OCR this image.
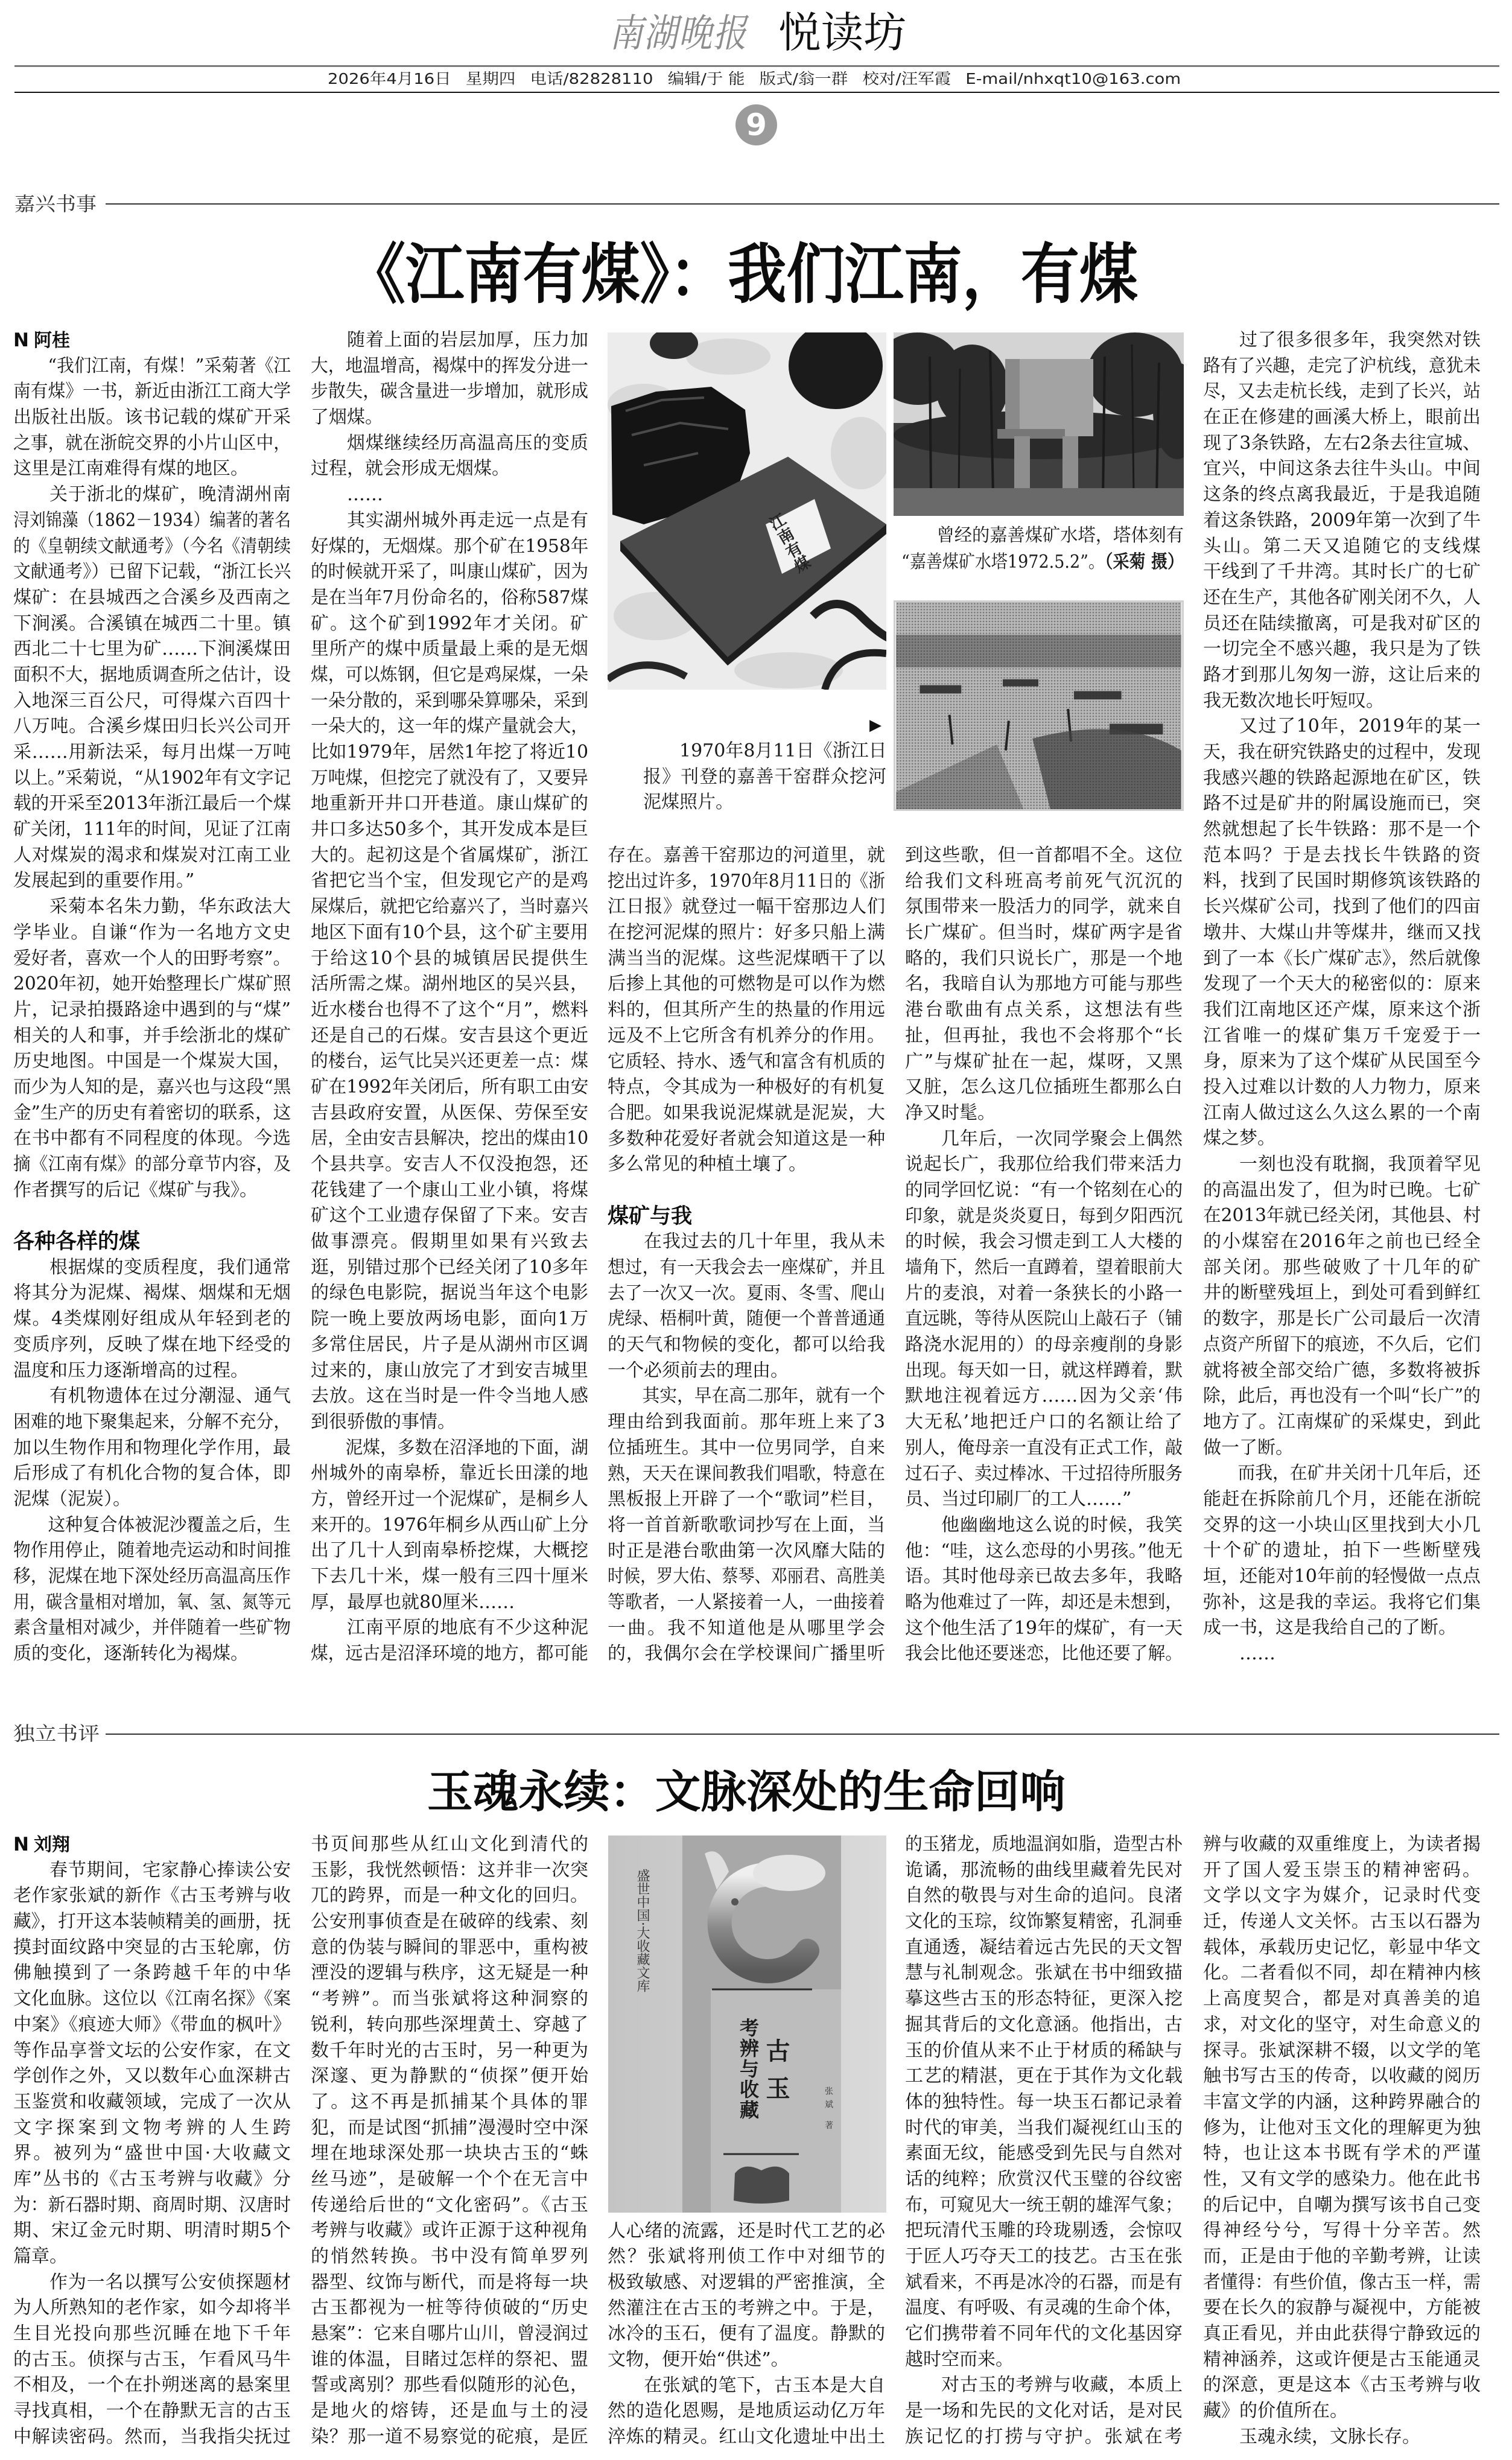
南湖晚报 悦读坊
2026年4月16日 星期四 电话/82828110 编辑/于 能 版式/翁一群 校对/汪军霞 E-mail/nhxqt10@163.com
9
嘉兴书事
《江南有煤》：我们江南，有煤
N 阿桂
“我们江南，有煤！”采菊著《江
南有煤》一书，新近由浙江工商大学
出版社出版。该书记载的煤矿开采
之事，就在浙皖交界的小片山区中，
这里是江南难得有煤的地区。
关于浙北的煤矿，晚清湖州南
浔刘锦藻（1862－1934）编著的著名
的《皇朝续文献通考》（今名《清朝续
文献通考》）已留下记载，“浙江长兴
煤矿：在县城西之合溪乡及西南之
下涧溪。合溪镇在城西二十里。镇
西北二十七里为矿……下涧溪煤田
面积不大，据地质调查所之估计，设
入地深三百公尺，可得煤六百四十
八万吨。合溪乡煤田归长兴公司开
采……用新法采，每月出煤一万吨
以上。”采菊说，“从1902年有文字记
载的开采至2013年浙江最后一个煤
矿关闭，111年的时间，见证了江南
人对煤炭的渴求和煤炭对江南工业
发展起到的重要作用。”
采菊本名朱力勤，华东政法大
学毕业。自谦“作为一名地方文史
爱好者，喜欢一个人的田野考察”。
2020年初，她开始整理长广煤矿照
片，记录拍摄路途中遇到的与“煤”
相关的人和事，并手绘浙北的煤矿
历史地图。中国是一个煤炭大国，
而少为人知的是，嘉兴也与这段“黑
金”生产的历史有着密切的联系，这
在书中都有不同程度的体现。今选
摘《江南有煤》的部分章节内容，及
作者撰写的后记《煤矿与我》。
各种各样的煤
根据煤的变质程度，我们通常
将其分为泥煤、褐煤、烟煤和无烟
煤。4类煤刚好组成从年轻到老的
变质序列，反映了煤在地下经受的
温度和压力逐渐增高的过程。
有机物遗体在过分潮湿、通气
困难的地下聚集起来，分解不充分，
加以生物作用和物理化学作用，最
后形成了有机化合物的复合体，即
泥煤（泥炭）。
这种复合体被泥沙覆盖之后，生
物作用停止，随着地壳运动和时间推
移，泥煤在地下深处经历高温高压作
用，碳含量相对增加，氧、氢、氮等元
素含量相对减少，并伴随着一些矿物
质的变化，逐渐转化为褐煤。
随着上面的岩层加厚，压力加
大，地温增高，褐煤中的挥发分进一
步散失，碳含量进一步增加，就形成
了烟煤。
烟煤继续经历高温高压的变质
过程，就会形成无烟煤。
……
其实湖州城外再走远一点是有
好煤的，无烟煤。那个矿在1958年
的时候就开采了，叫康山煤矿，因为
是在当年7月份命名的，俗称587煤
矿。这个矿到1992年才关闭。矿
里所产的煤中质量最上乘的是无烟
煤，可以炼钢，但它是鸡屎煤，一朵
一朵分散的，采到哪朵算哪朵，采到
一朵大的，这一年的煤产量就会大，
比如1979年，居然1年挖了将近10
万吨煤，但挖完了就没有了，又要异
地重新开井口开巷道。康山煤矿的
井口多达50多个，其开发成本是巨
大的。起初这是个省属煤矿，浙江
省把它当个宝，但发现它产的是鸡
屎煤后，就把它给嘉兴了，当时嘉兴
地区下面有10个县，这个矿主要用
于给这10个县的城镇居民提供生
活所需之煤。湖州地区的吴兴县，
近水楼台也得不了这个“月”，燃料
还是自己的石煤。安吉县这个更近
的楼台，运气比吴兴还更差一点：煤
矿在1992年关闭后，所有职工由安
吉县政府安置，从医保、劳保至安
居，全由安吉县解决，挖出的煤由10
个县共享。安吉人不仅没抱怨，还
花钱建了一个康山工业小镇，将煤
矿这个工业遗存保留了下来。安吉
做事漂亮。假期里如果有兴致去
逛，别错过那个已经关闭了10多年
的绿色电影院，据说当年这个电影
院一晚上要放两场电影，面向1万
多常住居民，片子是从湖州市区调
过来的，康山放完了才到安吉城里
去放。这在当时是一件令当地人感
到很骄傲的事情。
泥煤，多数在沼泽地的下面，湖
州城外的南皋桥，靠近长田漾的地
方，曾经开过一个泥煤矿，是桐乡人
来开的。1976年桐乡从西山矿上分
出了几十人到南皋桥挖煤，大概挖
下去几十米，煤一般有三四十厘米
厚，最厚也就80厘米……
江南平原的地底有不少这种泥
煤，远古是沼泽环境的地方，都可能
存在。嘉善干窑那边的河道里，就
挖出过许多，1970年8月11日的《浙
江日报》就登过一幅干窑那边人们
在挖河泥煤的照片：好多只船上满
满当当的泥煤。这些泥煤晒干了以
后掺上其他的可燃物是可以作为燃
料的，但其所产生的热量的作用远
远及不上它所含有机养分的作用。
它质轻、持水、透气和富含有机质的
特点，令其成为一种极好的有机复
合肥。如果我说泥煤就是泥炭，大
多数种花爱好者就会知道这是一种
多么常见的种植土壤了。
煤矿与我
在我过去的几十年里，我从未
想过，有一天我会去一座煤矿，并且
去了一次又一次。夏雨、冬雪、爬山
虎绿、梧桐叶黄，随便一个普普通通
的天气和物候的变化，都可以给我
一个必须前去的理由。
其实，早在高二那年，就有一个
理由给到我面前。那年班上来了3
位插班生。其中一位男同学，自来
熟，天天在课间教我们唱歌，特意在
黑板报上开辟了一个“歌词”栏目，
将一首首新歌歌词抄写在上面，当
时正是港台歌曲第一次风靡大陆的
时候，罗大佑、蔡琴、邓丽君、高胜美
等歌者，一人紧接着一人，一曲接着
一曲。我不知道他是从哪里学会
的，我偶尔会在学校课间广播里听
到这些歌，但一首都唱不全。这位
给我们文科班高考前死气沉沉的
氛围带来一股活力的同学，就来自
长广煤矿。但当时，煤矿两字是省
略的，我们只说长广，那是一个地
名，我暗自认为那地方可能与那些
港台歌曲有点关系，这想法有些
扯，但再扯，我也不会将那个“长
广”与煤矿扯在一起，煤呀，又黑
又脏，怎么这几位插班生都那么白
净又时髦。
几年后，一次同学聚会上偶然
说起长广，我那位给我们带来活力
的同学回忆说：“有一个铭刻在心的
印象，就是炎炎夏日，每到夕阳西沉
的时候，我会习惯走到工人大楼的
墙角下，然后一直蹲着，望着眼前大
片的麦浪，对着一条狭长的小路一
直远眺，等待从医院山上敲石子（铺
路浇水泥用的）的母亲瘦削的身影
出现。每天如一日，就这样蹲着，默
默地注视着远方……因为父亲‘伟
大无私’地把迁户口的名额让给了
别人，俺母亲一直没有正式工作，敲
过石子、卖过棒冰、干过招待所服务
员、当过印刷厂的工人……”
他幽幽地这么说的时候，我笑
他：“哇，这么恋母的小男孩。”他无
语。其时他母亲已故去多年，我略
略为他难过了一阵，却还是未想到，
这个他生活了19年的煤矿，有一天
我会比他还要迷恋，比他还要了解。
过了很多很多年，我突然对铁
路有了兴趣，走完了沪杭线，意犹未
尽，又去走杭长线，走到了长兴，站
在正在修建的画溪大桥上，眼前出
现了3条铁路，左右2条去往宣城、
宜兴，中间这条去往牛头山。中间
这条的终点离我最近，于是我追随
着这条铁路，2009年第一次到了牛
头山。第二天又追随它的支线煤
干线到了千井湾。其时长广的七矿
还在生产，其他各矿刚关闭不久，人
员还在陆续撤离，可是我对矿区的
一切完全不感兴趣，我只是为了铁
路才到那儿匆匆一游，这让后来的
我无数次地长吁短叹。
又过了10年，2019年的某一
天，我在研究铁路史的过程中，发现
我感兴趣的铁路起源地在矿区，铁
路不过是矿井的附属设施而已，突
然就想起了长牛铁路：那不是一个
范本吗？于是去找长牛铁路的资
料，找到了民国时期修筑该铁路的
长兴煤矿公司，找到了他们的四亩
墩井、大煤山井等煤井，继而又找
到了一本《长广煤矿志》，然后就像
发现了一个天大的秘密似的：原来
我们江南地区还产煤，原来这个浙
江省唯一的煤矿集万千宠爱于一
身，原来为了这个煤矿从民国至今
投入过难以计数的人力物力，原来
江南人做过这么久这么累的一个南
煤之梦。
一刻也没有耽搁，我顶着罕见
的高温出发了，但为时已晚。七矿
在2013年就已经关闭，其他县、村
的小煤窑在2016年之前也已经全
部关闭。那些破败了十几年的矿
井的断壁残垣上，到处可看到鲜红
的数字，那是长广公司最后一次清
点资产所留下的痕迹，不久后，它们
就将被全部交给广德，多数将被拆
除，此后，再也没有一个叫“长广”的
地方了。江南煤矿的采煤史，到此
做一了断。
而我，在矿井关闭十几年后，还
能赶在拆除前几个月，还能在浙皖
交界的这一小块山区里找到大小几
十个矿的遗址，拍下一些断壁残
垣，还能对10年前的轻慢做一点点
弥补，这是我的幸运。我将它们集
成一书，这是我给自己的了断。
……
江南有煤	曾经的嘉善煤矿水塔，塔体刻有
“嘉善煤矿水塔1972.5.2”。（采菊 摄）
▶
1970年8月11日《浙江日
报》刊登的嘉善干窑群众挖河
泥煤照片。
独立书评
玉魂永续：文脉深处的生命回响
N 刘翔
春节期间，宅家静心捧读公安
老作家张斌的新作《古玉考辨与收
藏》，打开这本装帧精美的画册，抚
摸封面纹路中突显的古玉轮廓，仿
佛触摸到了一条跨越千年的中华
文化血脉。这位以《江南名探》《案
中案》《痕迹大师》《带血的枫叶》
等作品享誉文坛的公安作家，在文
学创作之外，又以数年心血深耕古
玉鉴赏和收藏领域，完成了一次从
文字探案到文物考辨的人生跨
界。被列为“盛世中国·大收藏文
库”丛书的《古玉考辨与收藏》分
为：新石器时期、商周时期、汉唐时
期、宋辽金元时期、明清时期5个
篇章。
作为一名以撰写公安侦探题材
为人所熟知的老作家，如今却将半
生目光投向那些沉睡在地下千年
的古玉。侦探与古玉，乍看风马牛
不相及，一个在扑朔迷离的悬案里
寻找真相，一个在静默无言的古玉
中解读密码。然而，当我指尖抚过
书页间那些从红山文化到清代的
玉影，我恍然顿悟：这并非一次突
兀的跨界，而是一种文化的回归。
公安刑事侦查是在破碎的线索、刻
意的伪装与瞬间的罪恶中，重构被
湮没的逻辑与秩序，这无疑是一种
“考辨”。而当张斌将这种洞察的
锐利，转向那些深埋黄土、穿越了
数千年时光的古玉时，另一种更为
深邃、更为静默的“侦探”便开始
了。这不再是抓捕某个具体的罪
犯，而是试图“抓捕”漫漫时空中深
埋在地球深处那一块块古玉的“蛛
丝马迹”，是破解一个个在无言中
传递给后世的“文化密码”。《古玉
考辨与收藏》或许正源于这种视角
的悄然转换。书中没有简单罗列
器型、纹饰与断代，而是将每一块
古玉都视为一桩等待侦破的“历史
悬案”：它来自哪片山川，曾浸润过
谁的体温，目睹过怎样的祭祀、盟
誓或离别？那些看似随形的沁色，
是地火的熔铸，还是血与土的浸
染？那一道不易察觉的砣痕，是匠
人心绪的流露，还是时代工艺的必
然？张斌将刑侦工作中对细节的
极致敏感、对逻辑的严密推演，全
然灌注在古玉的考辨之中。于是，
冰冷的玉石，便有了温度。静默的
文物，便开始“供述”。
在张斌的笔下，古玉本是大自
然的造化恩赐，是地质运动亿万年
淬炼的精灵。红山文化遗址中出土
的玉猪龙，质地温润如脂，造型古朴
诡谲，那流畅的曲线里藏着先民对
自然的敬畏与对生命的追问。良渚
文化的玉琮，纹饰繁复精密，孔洞垂
直通透，凝结着远古先民的天文智
慧与礼制观念。张斌在书中细致描
摹这些古玉的形态特征，更深入挖
掘其背后的文化意涵。他指出，古
玉的价值从来不止于材质的稀缺与
工艺的精湛，更在于其作为文化载
体的独特性。每一块玉石都记录着
时代的审美，当我们凝视红山玉的
素面无纹，能感受到先民与自然对
话的纯粹；欣赏汉代玉璧的谷纹密
布，可窥见大一统王朝的雄浑气象；
把玩清代玉雕的玲珑剔透，会惊叹
于匠人巧夺天工的技艺。古玉在张
斌看来，不再是冰冷的石器，而是有
温度、有呼吸、有灵魂的生命个体，
它们携带着不同年代的文化基因穿
越时空而来。
对古玉的考辨与收藏，本质上
是一场和先民的文化对话，是对民
族记忆的打捞与守护。张斌在考
辨与收藏的双重维度上，为读者揭
开了国人爱玉崇玉的精神密码。
文学以文字为媒介，记录时代变
迁，传递人文关怀。古玉以石器为
载体，承载历史记忆，彰显中华文
化。二者看似不同，却在精神内核
上高度契合，都是对真善美的追
求，对文化的坚守，对生命意义的
探寻。张斌深耕不辍，以文学的笔
触书写古玉的传奇，以收藏的阅历
丰富文学的内涵，这种跨界融合的
修为，让他对玉文化的理解更为独
特，也让这本书既有学术的严谨
性，又有文学的感染力。他在此书
的后记中，自嘲为撰写该书自己变
得神经兮兮，写得十分辛苦。然
而，正是由于他的辛勤考辨，让读
者懂得：有些价值，像古玉一样，需
要在长久的寂静与凝视中，方能被
真正看见，并由此获得宁静致远的
精神涵养，这或许便是古玉能通灵
的深意，更是这本《古玉考辨与收
藏》的价值所在。
玉魂永续，文脉长存。
盛世中国·大收藏文库
考辨与收藏 古玉	张斌 著
